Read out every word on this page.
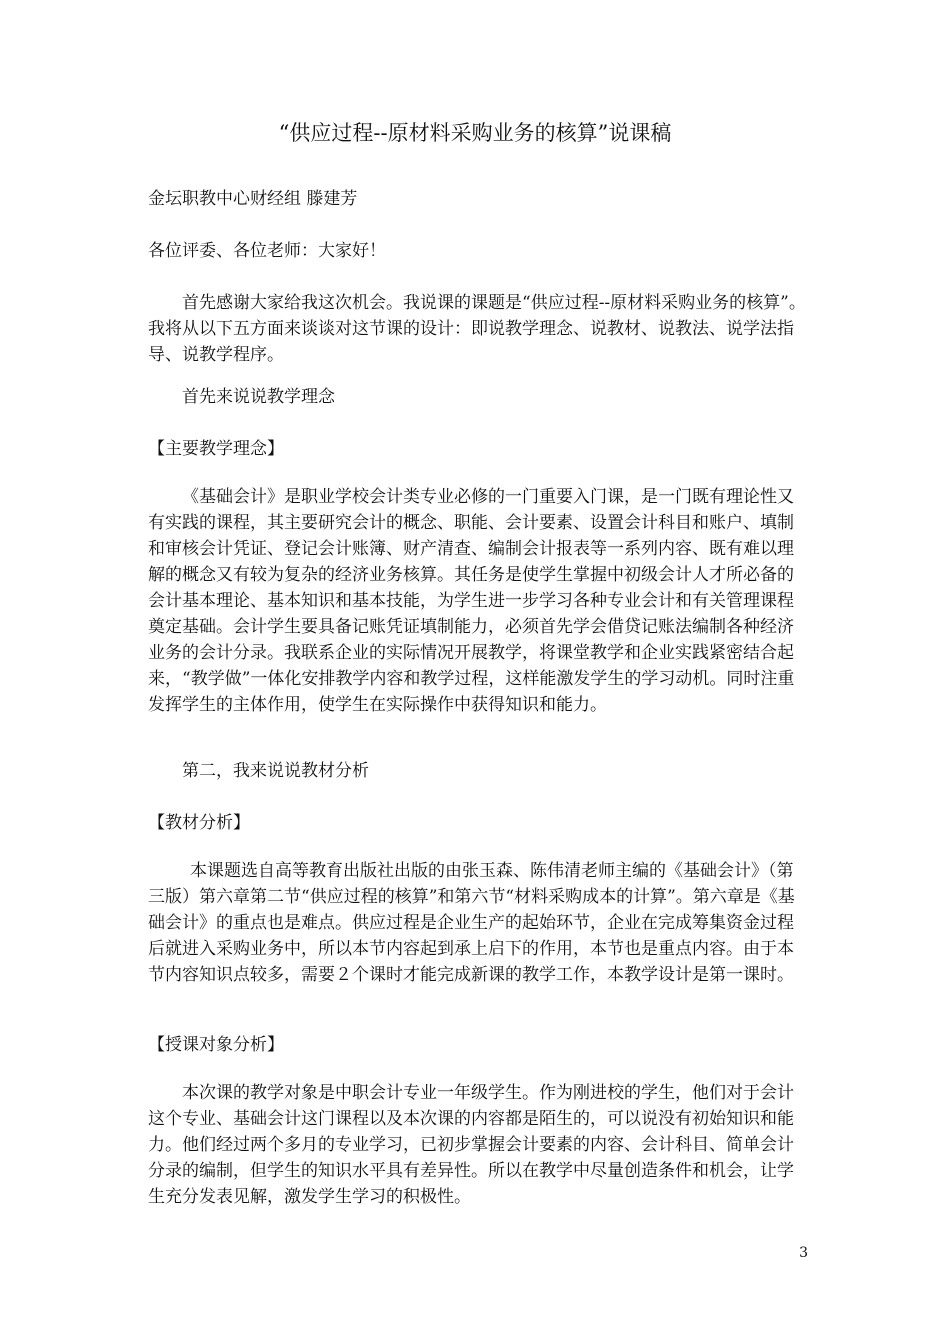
“供应过程--原材料采购业务的核算”说课稿

金坛职教中心财经组 滕建芳

各位评委、各位老师：大家好！

首先感谢大家给我这次机会。我说课的课题是“供应过程--原材料采购业务的核算”。我将从以下五方面来谈谈对这节课的设计：即说教学理念、说教材、说教法、说学法指导、说教学程序。

首先来说说教学理念

【主要教学理念】

《基础会计》是职业学校会计类专业必修的一门重要入门课，是一门既有理论性又有实践的课程，其主要研究会计的概念、职能、会计要素、设置会计科目和账户、填制和审核会计凭证、登记会计账簿、财产清查、编制会计报表等一系列内容、既有难以理解的概念又有较为复杂的经济业务核算。其任务是使学生掌握中初级会计人才所必备的会计基本理论、基本知识和基本技能，为学生进一步学习各种专业会计和有关管理课程奠定基础。会计学生要具备记账凭证填制能力，必须首先学会借贷记账法编制各种经济业务的会计分录。我联系企业的实际情况开展教学，将课堂教学和企业实践紧密结合起来，“教学做”一体化安排教学内容和教学过程，这样能激发学生的学习动机。同时注重发挥学生的主体作用，使学生在实际操作中获得知识和能力。

第二，我来说说教材分析

【教材分析】

本课题选自高等教育出版社出版的由张玉森、陈伟清老师主编的《基础会计》（第三版）第六章第二节“供应过程的核算”和第六节“材料采购成本的计算”。第六章是《基础会计》的重点也是难点。供应过程是企业生产的起始环节，企业在完成筹集资金过程后就进入采购业务中，所以本节内容起到承上启下的作用，本节也是重点内容。由于本节内容知识点较多，需要２个课时才能完成新课的教学工作，本教学设计是第一课时。

【授课对象分析】

本次课的教学对象是中职会计专业一年级学生。作为刚进校的学生，他们对于会计这个专业、基础会计这门课程以及本次课的内容都是陌生的，可以说没有初始知识和能力。他们经过两个多月的专业学习，已初步掌握会计要素的内容、会计科目、简单会计分录的编制，但学生的知识水平具有差异性。所以在教学中尽量创造条件和机会，让学生充分发表见解，激发学生学习的积极性。

3
